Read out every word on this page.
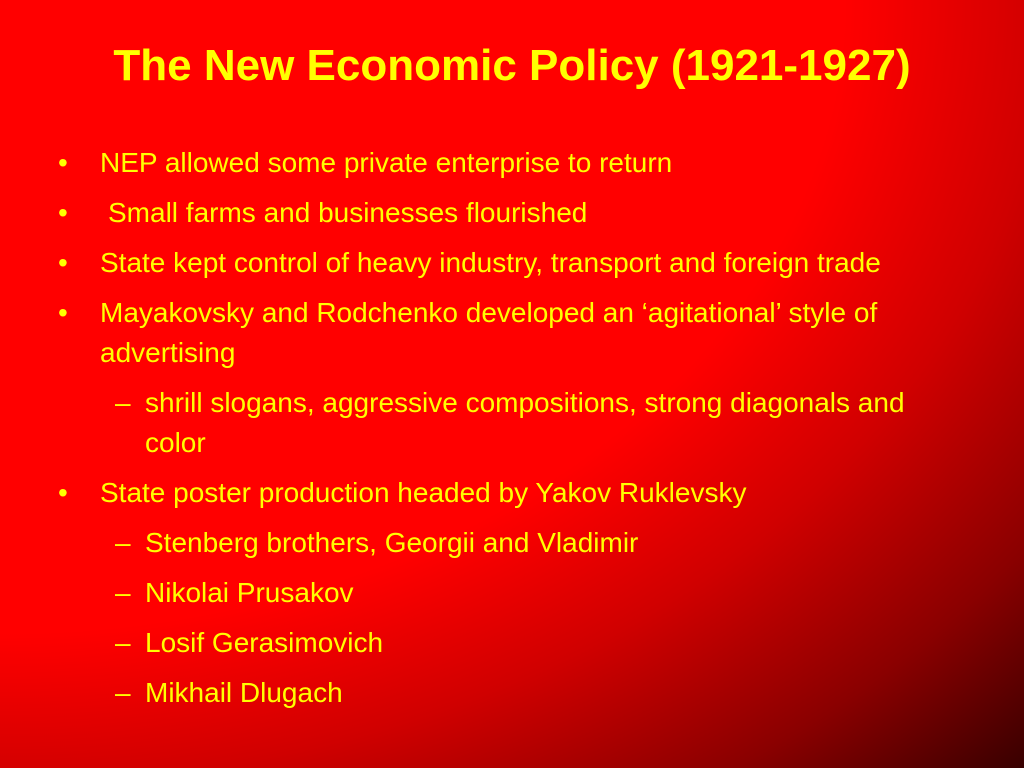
The New Economic Policy (1921-1927)
•	NEP allowed some private enterprise to return
•	Small farms and businesses flourished
•	State kept control of heavy industry, transport and foreign trade
•	Mayakovsky and Rodchenko developed an ‘agitational’ style of advertising
– shrill slogans, aggressive compositions, strong diagonals and color
•	State poster production headed by Yakov Ruklevsky
– Stenberg brothers, Georgii and Vladimir
– Nikolai Prusakov
– Losif Gerasimovich
– Mikhail Dlugach
